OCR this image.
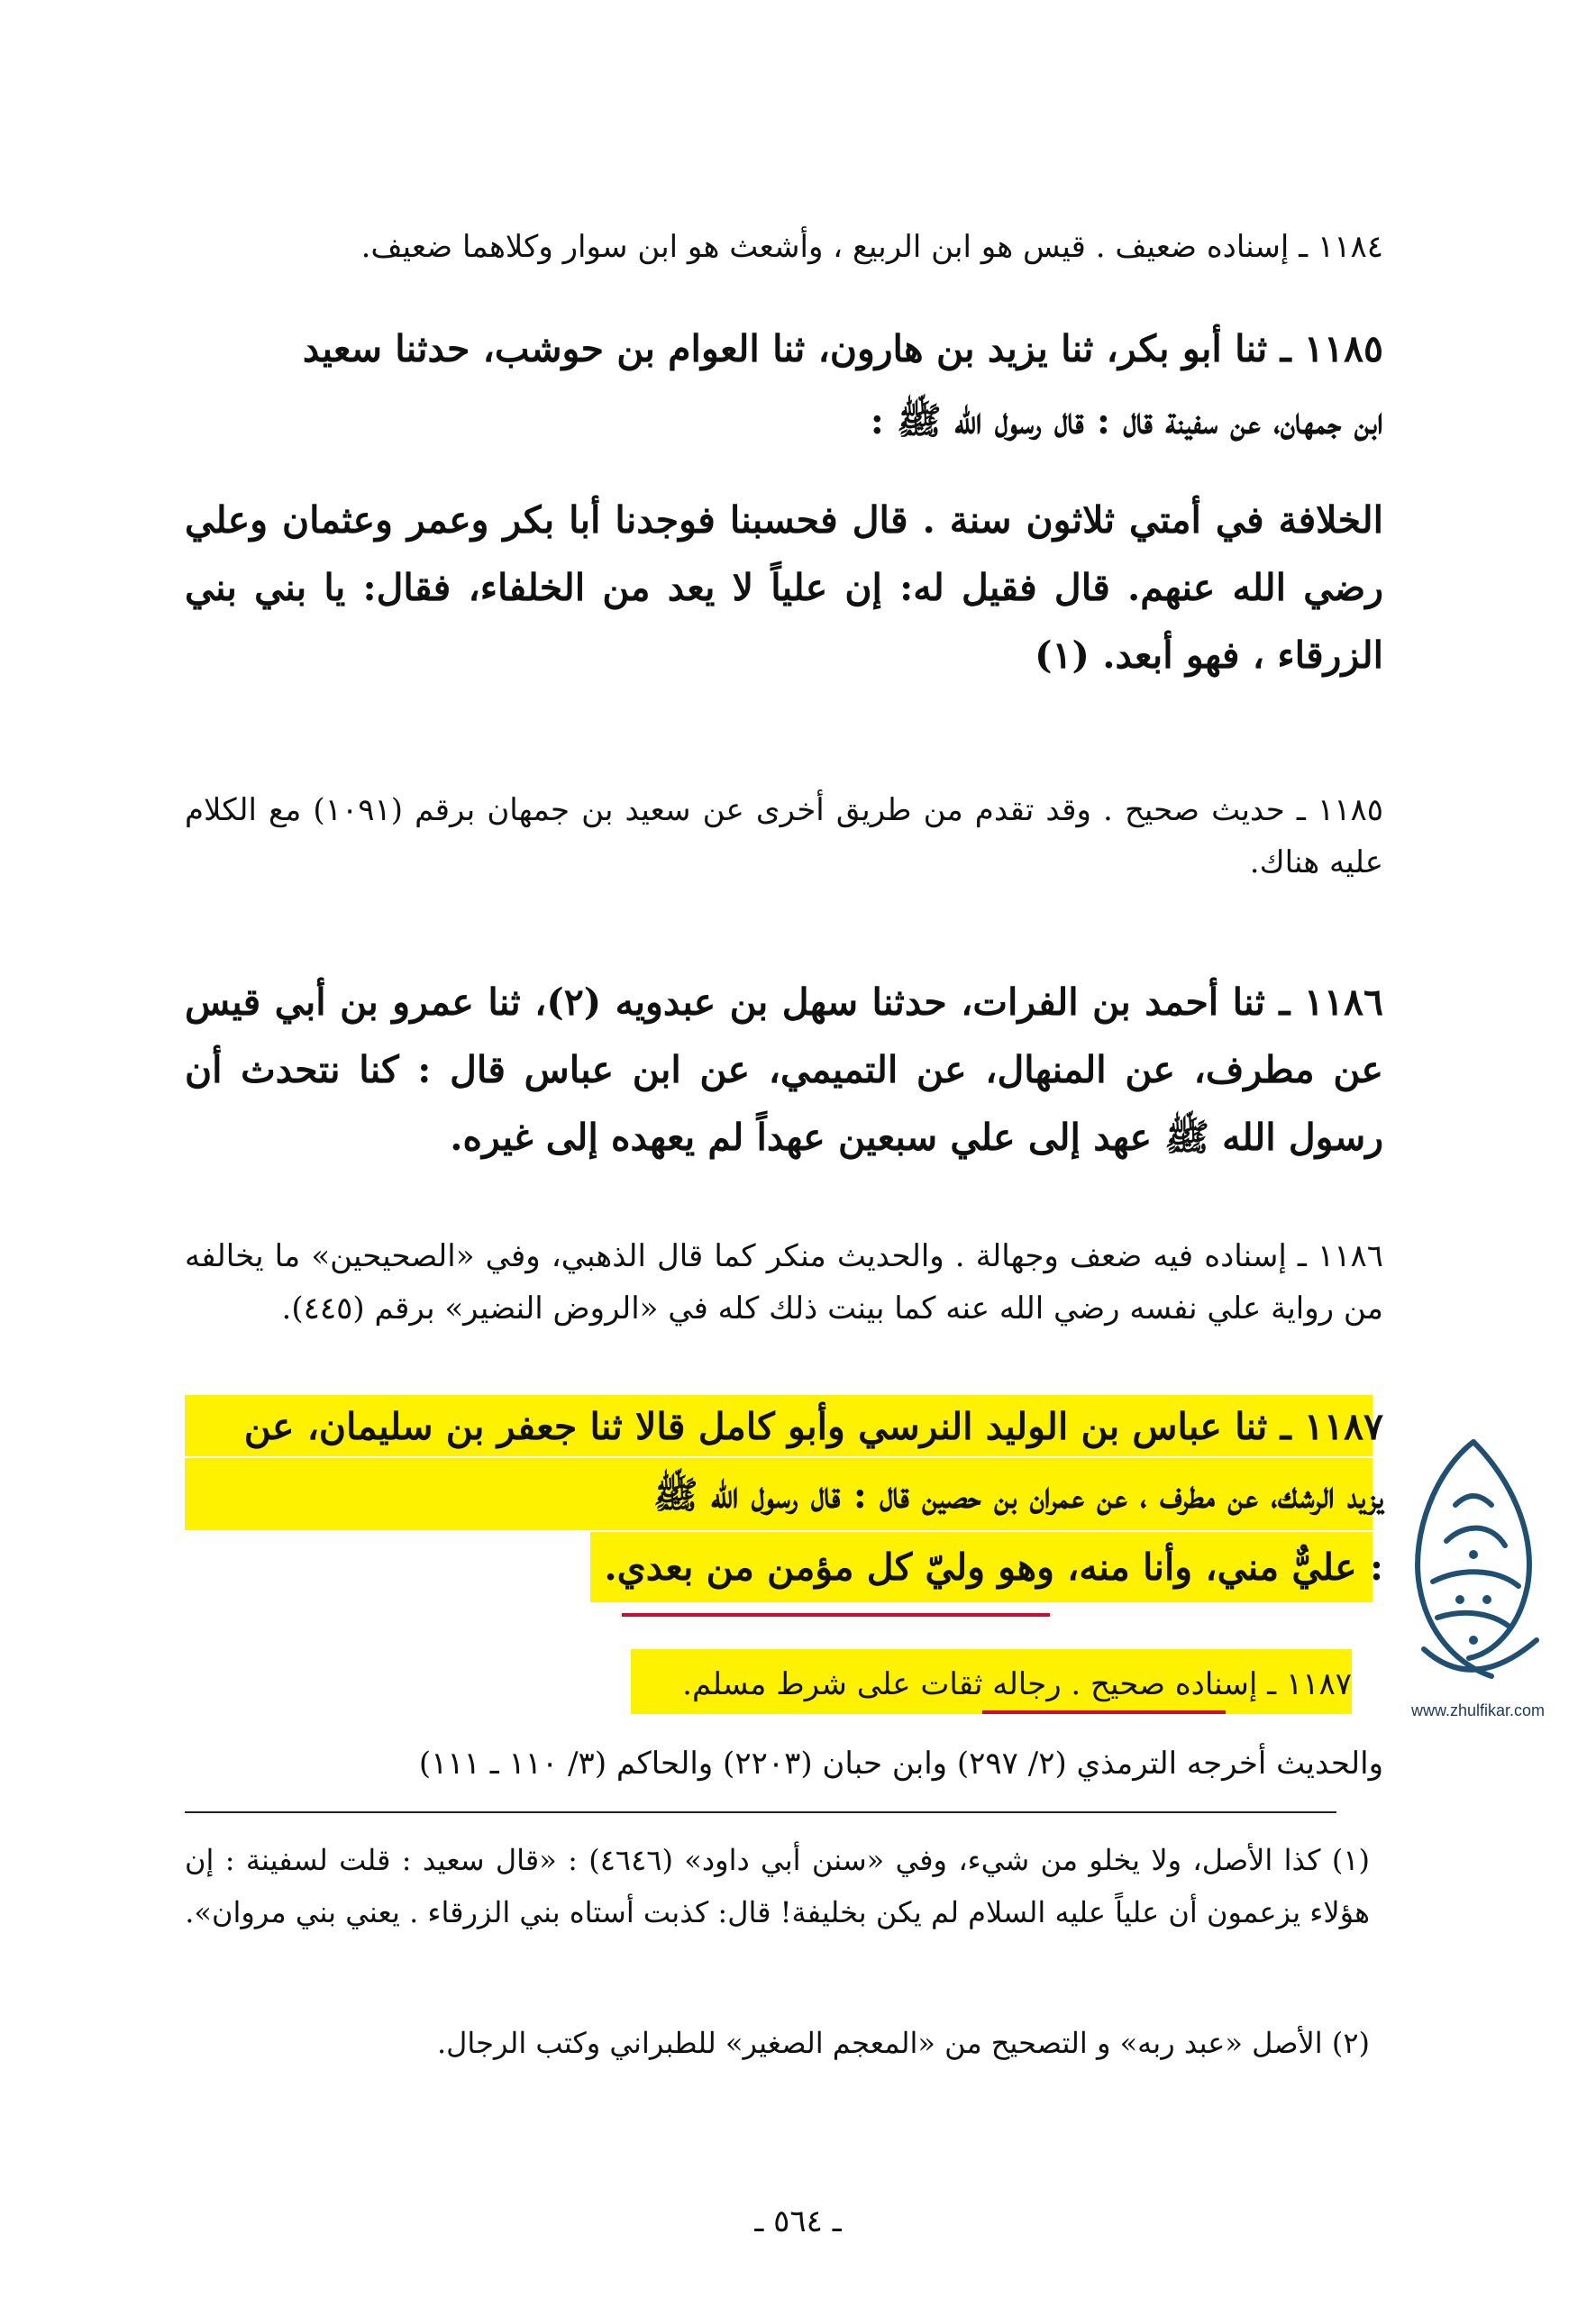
١١٨٤ ـ إسناده ضعيف . قيس هو ابن الربيع ، وأشعث هو ابن سوار وكلاهما ضعيف.
١١٨٥ ـ ثنا أبو بكر، ثنا يزيد بن هارون، ثنا العوام بن حوشب، حدثنا سعيد
ابن جمهان، عن سفينة قال : قال رسول الله ﷺ :
الخلافة في أمتي ثلاثون سنة . قال فحسبنا فوجدنا أبا بكر وعمر وعثمان وعلي رضي الله عنهم. قال فقيل له: إن علياً لا يعد من الخلفاء، فقال: يا بني بني الزرقاء ، فهو أبعد. (١)
١١٨٥ ـ حديث صحيح . وقد تقدم من طريق أخرى عن سعيد بن جمهان برقم (١٠٩١) مع الكلام عليه هناك.
١١٨٦ ـ ثنا أحمد بن الفرات، حدثنا سهل بن عبدويه (٢)، ثنا عمرو بن أبي قيس عن مطرف، عن المنهال، عن التميمي، عن ابن عباس قال : كنا نتحدث أن رسول الله ﷺ عهد إلى علي سبعين عهداً لم يعهده إلى غيره.
١١٨٦ ـ إسناده فيه ضعف وجهالة . والحديث منكر كما قال الذهبي، وفي «الصحيحين» ما يخالفه من رواية علي نفسه رضي الله عنه كما بينت ذلك كله في «الروض النضير» برقم (٤٤٥).
١١٨٧ ـ ثنا عباس بن الوليد النرسي وأبو كامل قالا ثنا جعفر بن سليمان، عن
يزيد الرشك، عن مطرف ، عن عمران بن حصين قال : قال رسول الله ﷺ
: عليٌّ مني، وأنا منه، وهو وليّ كل مؤمن من بعدي.
١١٨٧ ـ إسناده صحيح . رجاله ثقات على شرط مسلم.
والحديث أخرجه الترمذي (٢/ ٢٩٧) وابن حبان (٢٢٠٣) والحاكم (٣/ ١١٠ ـ ١١١)
(١) كذا الأصل، ولا يخلو من شيء، وفي «سنن أبي داود» (٤٦٤٦) : «قال سعيد : قلت لسفينة : إن هؤلاء يزعمون أن علياً عليه السلام لم يكن بخليفة! قال: كذبت أستاه بني الزرقاء . يعني بني مروان».
(٢) الأصل «عبد ربه» و التصحيح من «المعجم الصغير» للطبراني وكتب الرجال.
ـ ٥٦٤ ـ
www.zhulfikar.com
